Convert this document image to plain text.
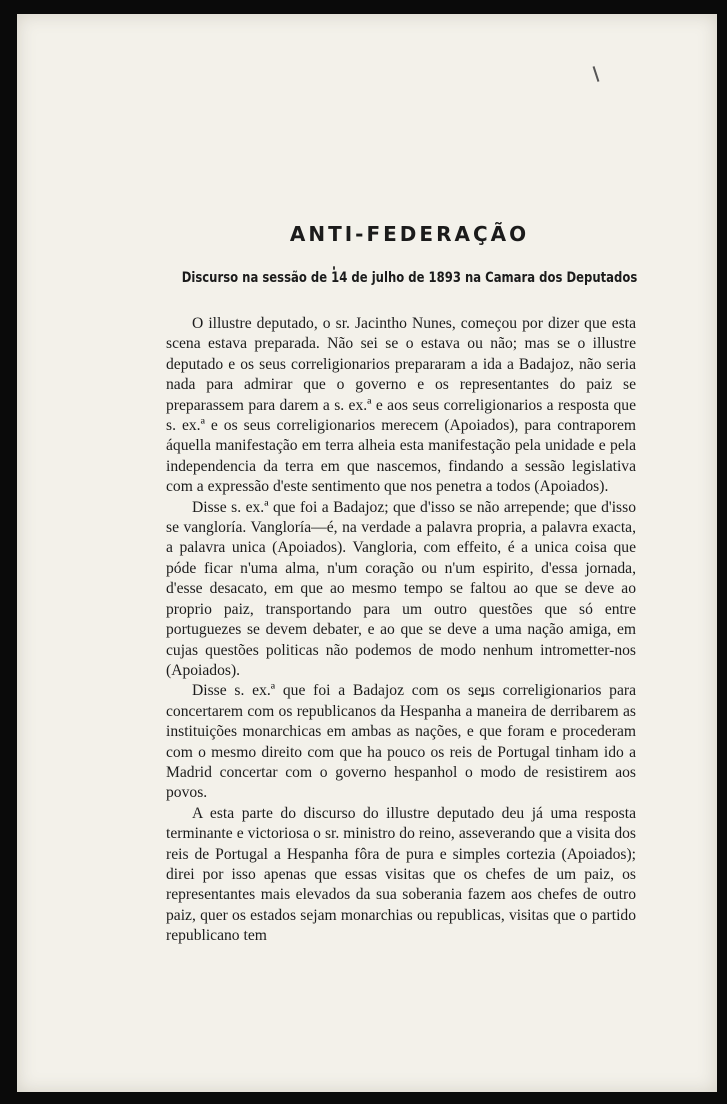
ANTI-FEDERAÇÃO
Discurso na sessão de 14 de julho de 1893 na Camara dos Deputados

O illustre deputado, o sr. Jacintho Nunes, começou por dizer que esta scena estava preparada. Não sei se o estava ou não; mas se o illustre deputado e os seus correligionarios prepararam a ida a Badajoz, não seria nada para admirar que o governo e os representantes do paiz se preparassem para darem a s. ex.ª e aos seus correligionarios a resposta que s. ex.ª e os seus correligionarios merecem (Apoiados), para contraporem áquella manifestação em terra alheia esta manifestação pela unidade e pela independencia da terra em que nascemos, findando a sessão legislativa com a expressão d'este sentimento que nos penetra a todos (Apoiados).

Disse s. ex.ª que foi a Badajoz; que d'isso se não arrepende; que d'isso se vangloría. Vangloría—é, na verdade a palavra propria, a palavra exacta, a palavra unica (Apoiados). Vangloria, com effeito, é a unica coisa que póde ficar n'uma alma, n'um coração ou n'um espirito, d'essa jornada, d'esse desacato, em que ao mesmo tempo se faltou ao que se deve ao proprio paiz, transportando para um outro questões que só entre portuguezes se devem debater, e ao que se deve a uma nação amiga, em cujas questões politicas não podemos de modo nenhum intrometter-nos (Apoiados).

Disse s. ex.ª que foi a Badajoz com os seus correligionarios para concertarem com os republicanos da Hespanha a maneira de derribarem as instituições monarchicas em ambas as nações, e que foram e procederam com o mesmo direito com que ha pouco os reis de Portugal tinham ido a Madrid concertar com o governo hespanhol o modo de resistirem aos povos.

A esta parte do discurso do illustre deputado deu já uma resposta terminante e victoriosa o sr. ministro do reino, asseverando que a visita dos reis de Portugal a Hespanha fôra de pura e simples cortezia (Apoiados); direi por isso apenas que essas visitas que os chefes de um paiz, os representantes mais elevados da sua soberania fazem aos chefes de outro paiz, quer os estados sejam monarchias ou republicas, visitas que o partido republicano tem
